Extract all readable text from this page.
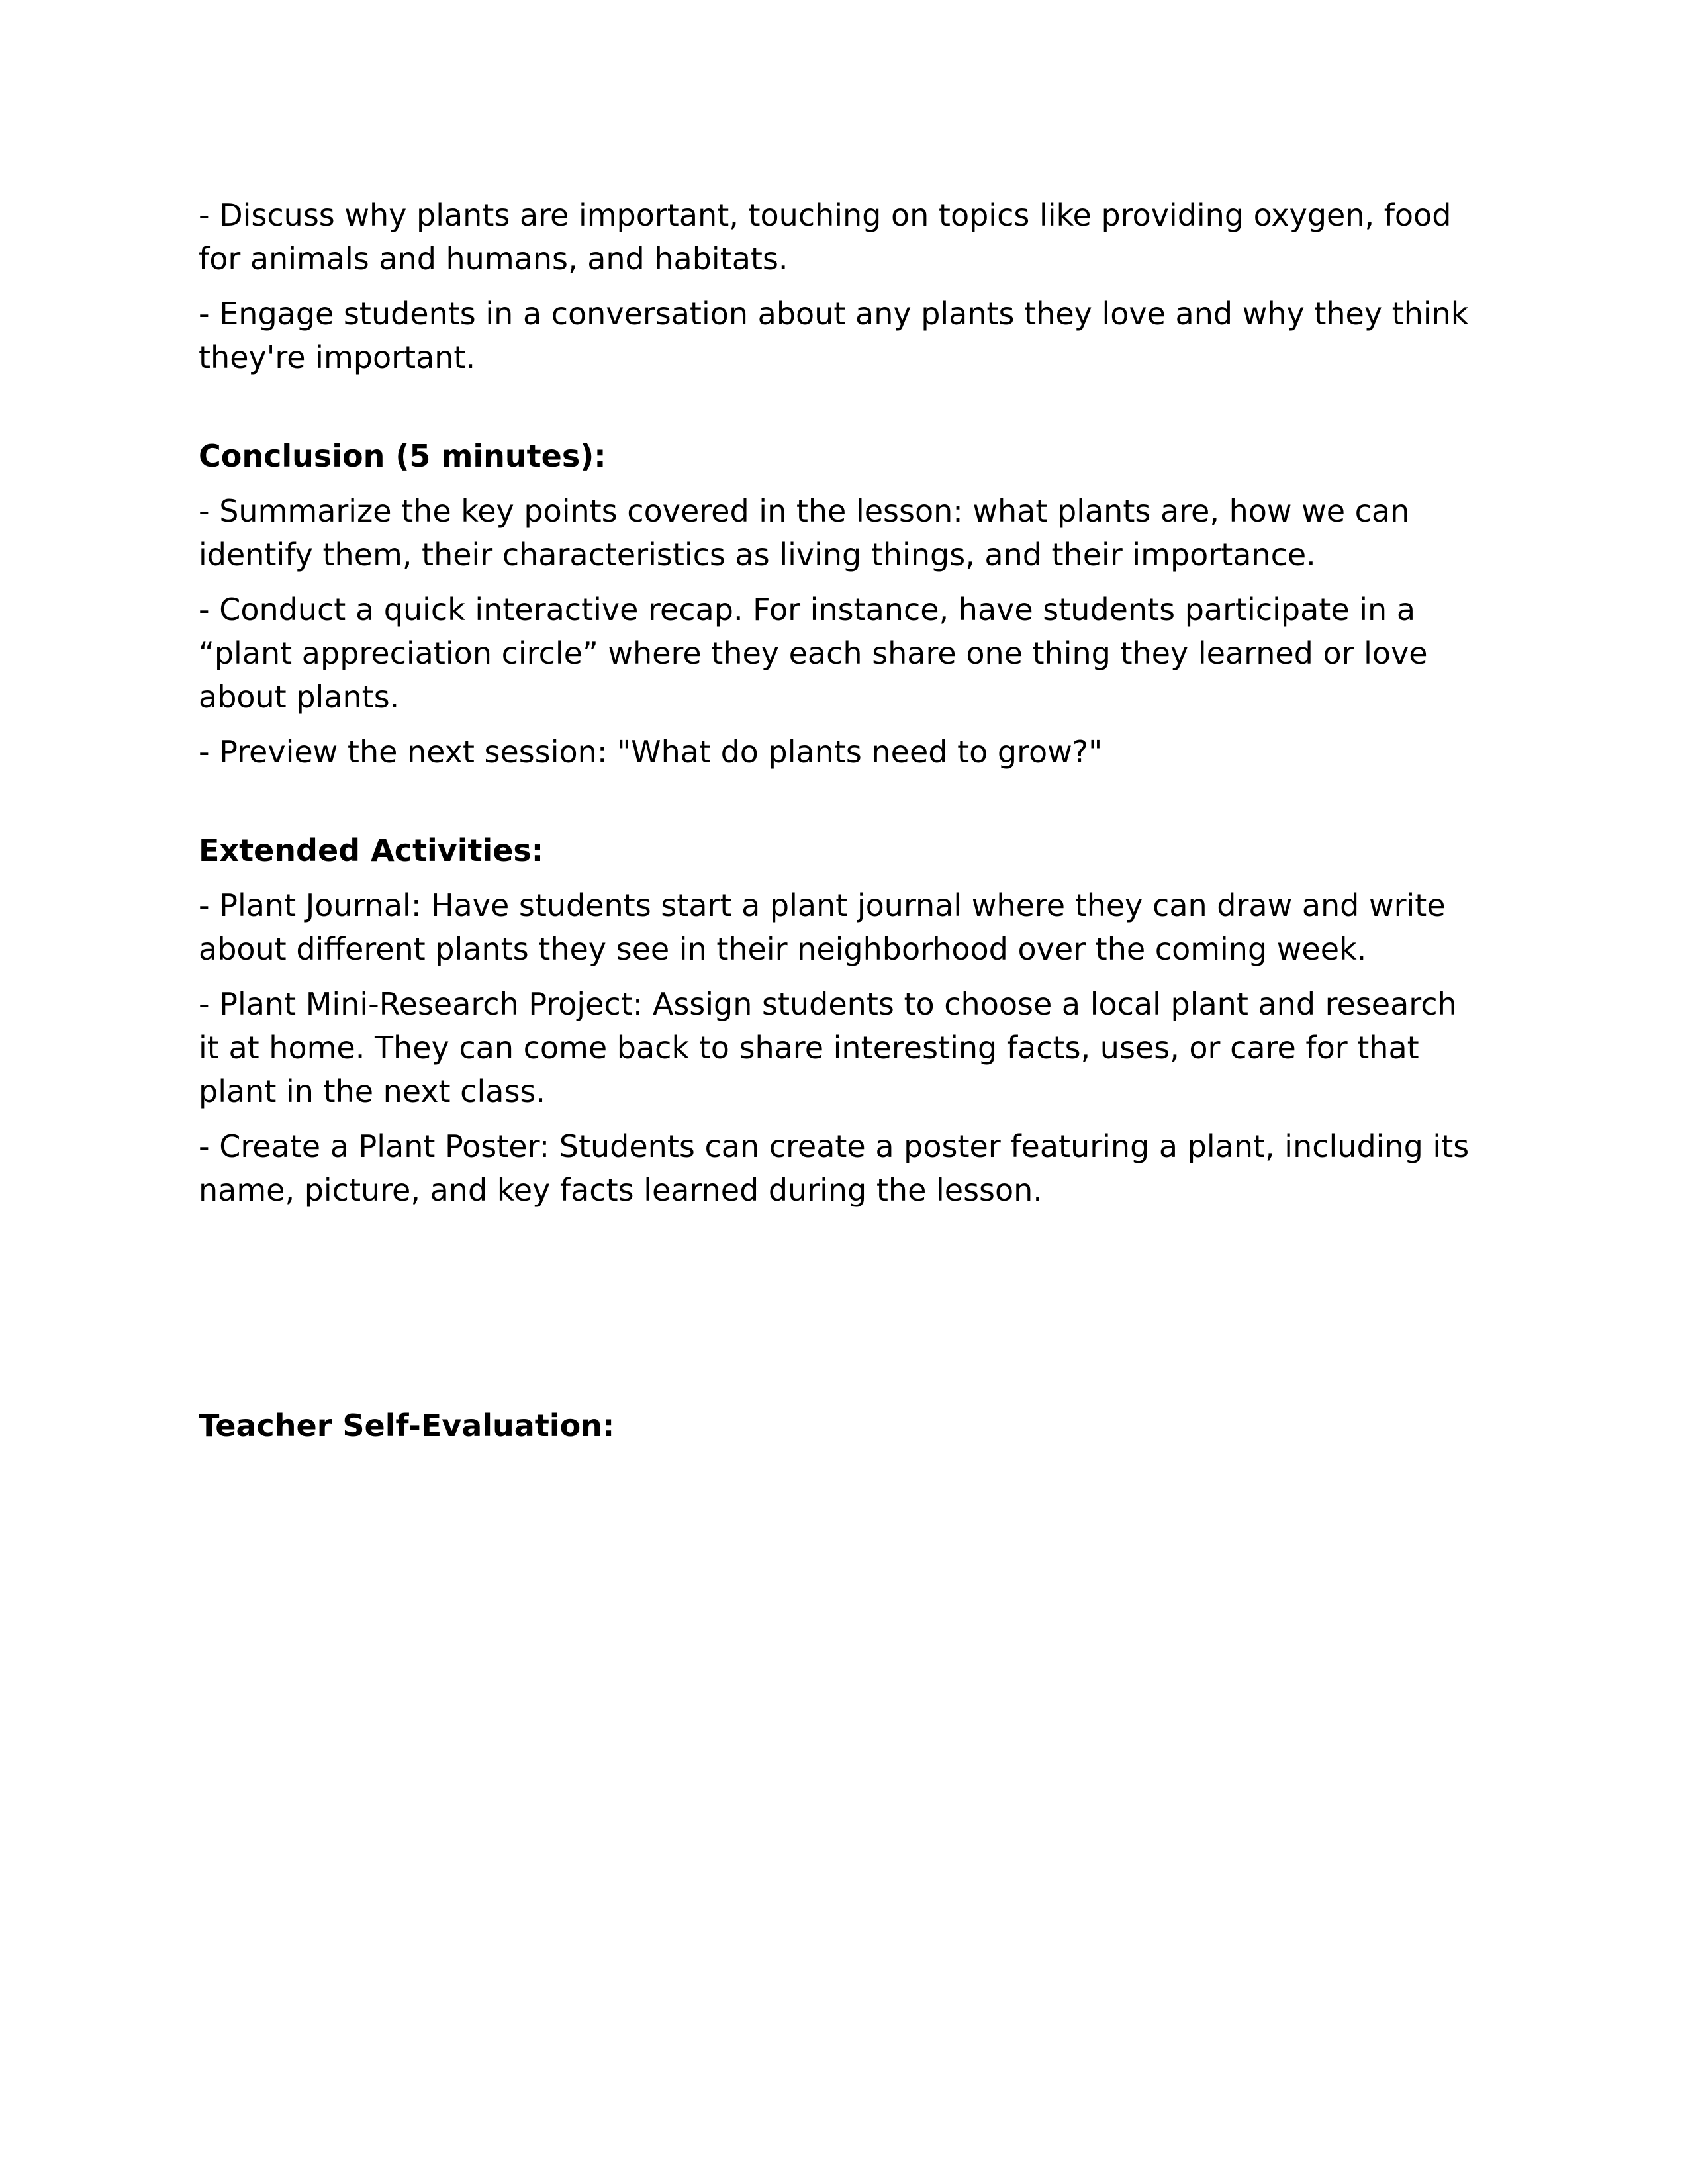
- Discuss why plants are important, touching on topics like providing oxygen, food for animals and humans, and habitats.

- Engage students in a conversation about any plants they love and why they think they're important.

Conclusion (5 minutes):

- Summarize the key points covered in the lesson: what plants are, how we can identify them, their characteristics as living things, and their importance.

- Conduct a quick interactive recap. For instance, have students participate in a “plant appreciation circle” where they each share one thing they learned or love about plants.

- Preview the next session: "What do plants need to grow?"

Extended Activities:

- Plant Journal: Have students start a plant journal where they can draw and write about different plants they see in their neighborhood over the coming week.

- Plant Mini-Research Project: Assign students to choose a local plant and research it at home. They can come back to share interesting facts, uses, or care for that plant in the next class.

- Create a Plant Poster: Students can create a poster featuring a plant, including its name, picture, and key facts learned during the lesson.

Teacher Self-Evaluation:
